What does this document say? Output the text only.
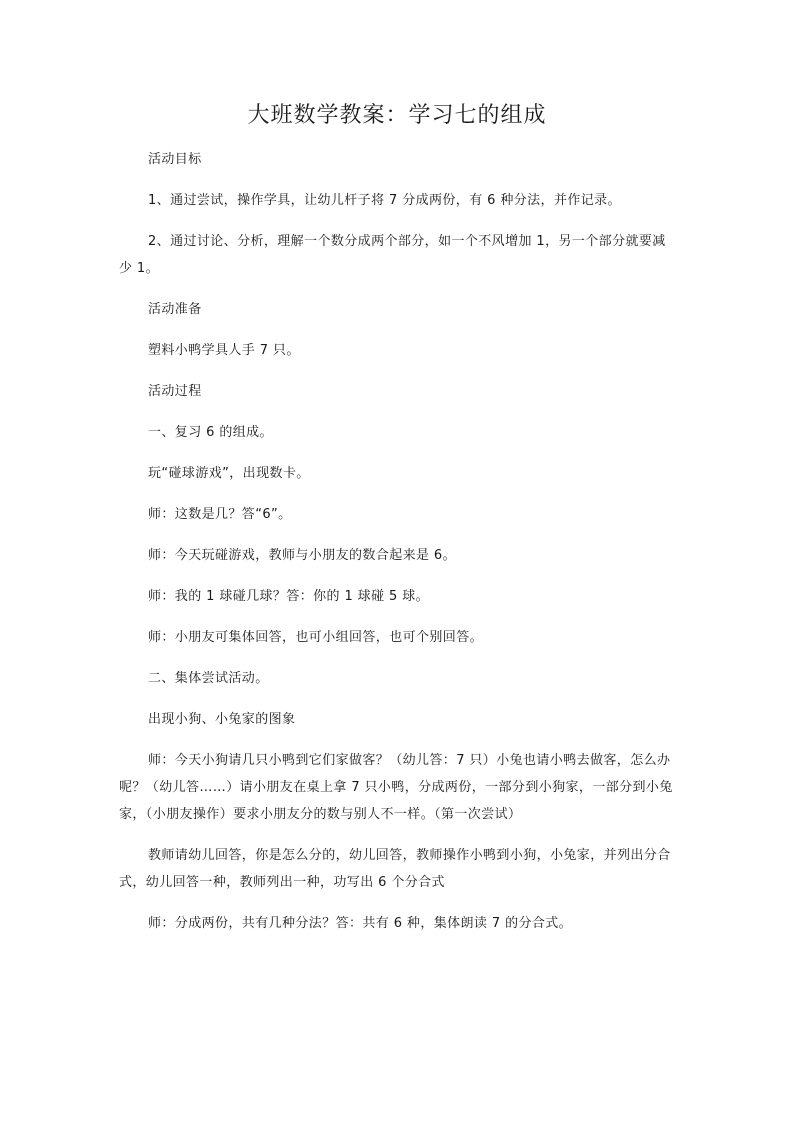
大班数学教案：学习七的组成

活动目标

1、通过尝试，操作学具，让幼儿杆子将 7 分成两份，有 6 种分法，并作记录。

2、通过讨论、分析，理解一个数分成两个部分，如一个不风增加 1，另一个部分就要减少 1。

活动准备

塑料小鸭学具人手 7 只。

活动过程

一、复习 6 的组成。

玩“碰球游戏”，出现数卡。

师：这数是几？答“6”。

师：今天玩碰游戏，教师与小朋友的数合起来是 6。

师：我的 1 球碰几球？答：你的 1 球碰 5 球。

师：小朋友可集体回答，也可小组回答，也可个别回答。

二、集体尝试活动。

出现小狗、小兔家的图象

师：今天小狗请几只小鸭到它们家做客？（幼儿答：7 只）小兔也请小鸭去做客，怎么办呢？（幼儿答……）请小朋友在桌上拿 7 只小鸭，分成两份，一部分到小狗家，一部分到小兔家，（小朋友操作）要求小朋友分的数与别人不一样。（第一次尝试）

教师请幼儿回答，你是怎么分的，幼儿回答，教师操作小鸭到小狗，小兔家，并列出分合式，幼儿回答一种，教师列出一种，功写出 6 个分合式

师：分成两份，共有几种分法？答：共有 6 种，集体朗读 7 的分合式。
